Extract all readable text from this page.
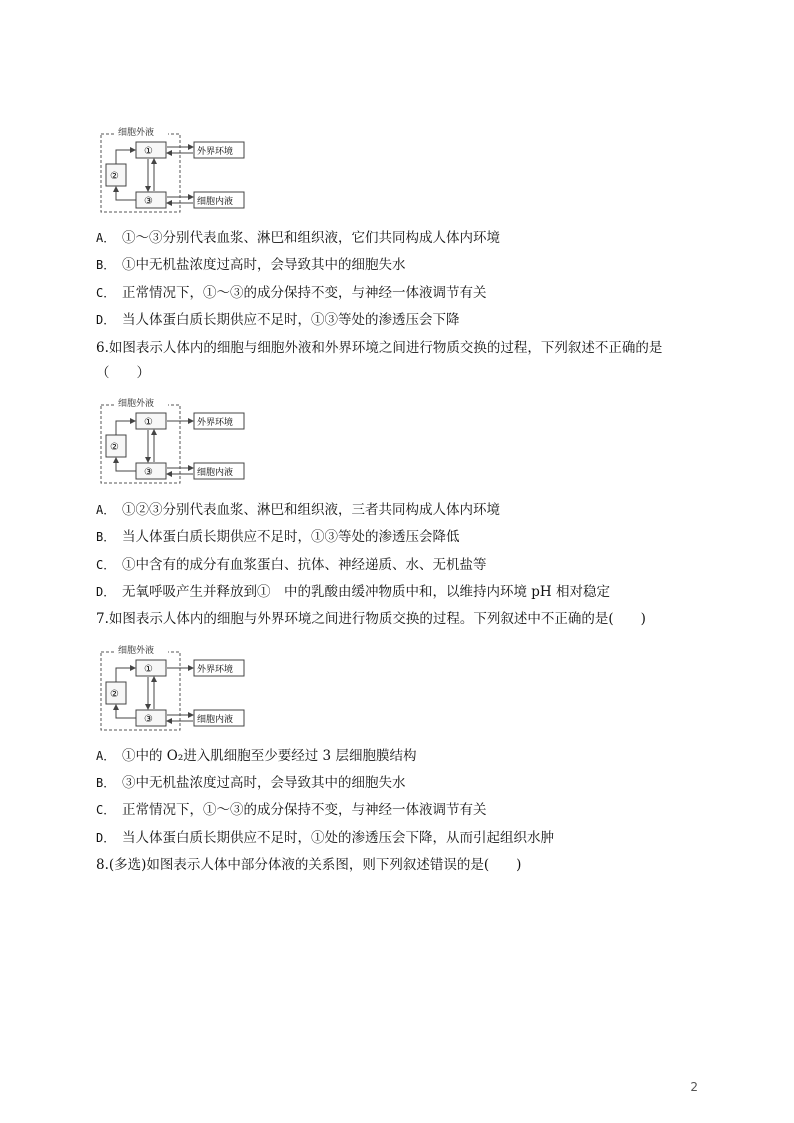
细胞外液
①
②
③
外界环境
细胞内液
A． ①～③分别代表血浆、淋巴和组织液，它们共同构成人体内环境
B． ①中无机盐浓度过高时，会导致其中的细胞失水
C． 正常情况下，①～③的成分保持不变，与神经一体液调节有关
D． 当人体蛋白质长期供应不足时，①③等处的渗透压会下降
6.如图表示人体内的细胞与细胞外液和外界环境之间进行物质交换的过程，下列叙述不正确的是
（　　）
细胞外液
①
②
③
外界环境
细胞内液
A． ①②③分别代表血浆、淋巴和组织液，三者共同构成人体内环境
B． 当人体蛋白质长期供应不足时，①③等处的渗透压会降低
C． ①中含有的成分有血浆蛋白、抗体、神经递质、水、无机盐等
D． 无氧呼吸产生并释放到①　中的乳酸由缓冲物质中和，以维持内环境 pH 相对稳定
7.如图表示人体内的细胞与外界环境之间进行物质交换的过程。下列叙述中不正确的是(　　)
细胞外液
①
②
③
外界环境
细胞内液
A． ①中的 O₂进入肌细胞至少要经过 3 层细胞膜结构
B． ③中无机盐浓度过高时，会导致其中的细胞失水
C． 正常情况下，①～③的成分保持不变，与神经一体液调节有关
D． 当人体蛋白质长期供应不足时，①处的渗透压会下降，从而引起组织水肿
8.(多选)如图表示人体中部分体液的关系图，则下列叙述错误的是(　　)
2
